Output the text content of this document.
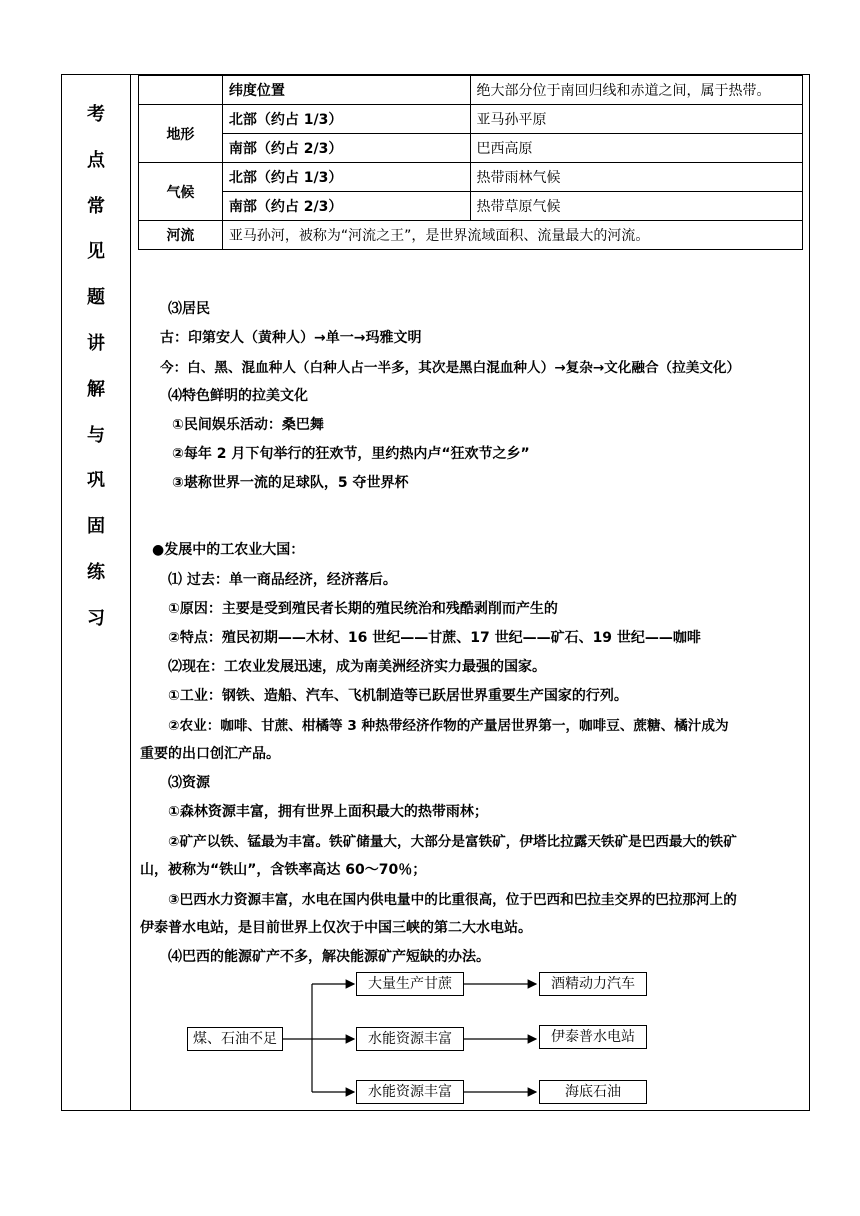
考
点
常
见
题
讲
解
与
巩
固
练
习
	纬度位置	绝大部分位于南回归线和赤道之间，属于热带。
地形	北部（约占 1/3）	亚马孙平原
	南部（约占 2/3）	巴西高原
气候	北部（约占 1/3）	热带雨林气候
	南部（约占 2/3）	热带草原气候
河流	亚马孙河，被称为“河流之王”，是世界流域面积、流量最大的河流。	
⑶居民
古：印第安人（黄种人）→单一→玛雅文明
今：白、黑、混血种人（白种人占一半多，其次是黑白混血种人）→复杂→文化融合（拉美文化）
⑷特色鲜明的拉美文化
①民间娱乐活动：桑巴舞
②每年 2 月下旬举行的狂欢节，里约热内卢“狂欢节之乡”
③堪称世界一流的足球队，5 夺世界杯
●发展中的工农业大国：
⑴ 过去：单一商品经济，经济落后。
①原因：主要是受到殖民者长期的殖民统治和残酷剥削而产生的
②特点：殖民初期——木材、16 世纪——甘蔗、17 世纪——矿石、19 世纪——咖啡
⑵现在：工农业发展迅速，成为南美洲经济实力最强的国家。
①工业：钢铁、造船、汽车、飞机制造等已跃居世界重要生产国家的行列。
②农业：咖啡、甘蔗、柑橘等 3 种热带经济作物的产量居世界第一，咖啡豆、蔗糖、橘汁成为
重要的出口创汇产品。
⑶资源
①森林资源丰富，拥有世界上面积最大的热带雨林；
②矿产以铁、锰最为丰富。铁矿储量大，大部分是富铁矿，伊塔比拉露天铁矿是巴西最大的铁矿
山，被称为“铁山”，含铁率高达 60～70％；
③巴西水力资源丰富，水电在国内供电量中的比重很高，位于巴西和巴拉圭交界的巴拉那河上的
伊泰普水电站，是目前世界上仅次于中国三峡的第二大水电站。
⑷巴西的能源矿产不多，解决能源矿产短缺的办法。
煤、石油不足
大量生产甘蔗
水能资源丰富
水能资源丰富
酒精动力汽车
伊泰普水电站
海底石油
